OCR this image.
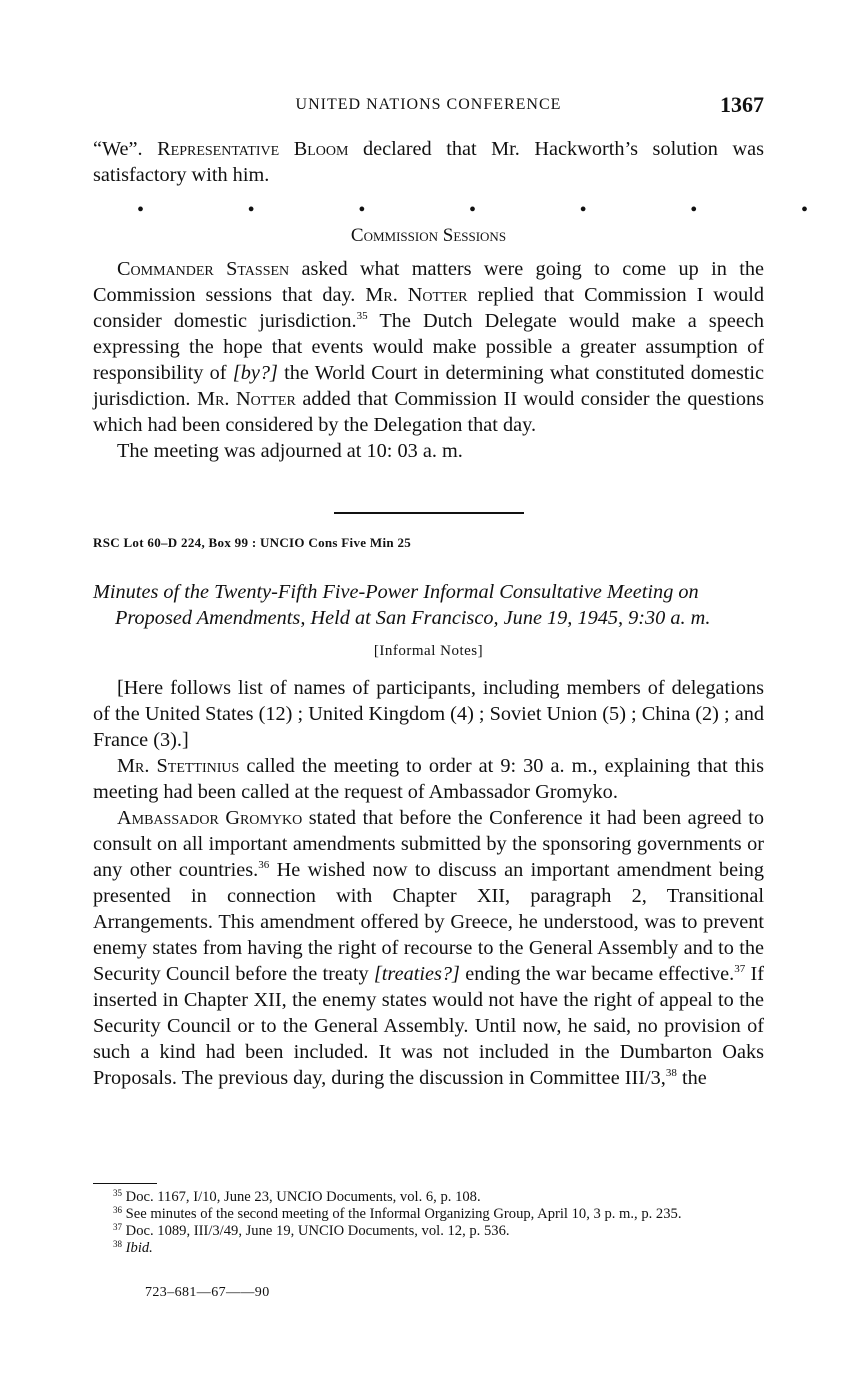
UNITED NATIONS CONFERENCE	1367

“We”. Representative Bloom declared that Mr. Hackworth’s solution was satisfactory with him.

•	•	•	•	•	•	•
Commission Sessions

Commander Stassen asked what matters were going to come up in the Commission sessions that day. Mr. Notter replied that Commission I would consider domestic jurisdiction.$^{35}$ The Dutch Delegate would make a speech expressing the hope that events would make possible a greater assumption of responsibility of [by?] the World Court in determining what constituted domestic jurisdiction. Mr. Notter added that Commission II would consider the questions which had been considered by the Delegation that day.

The meeting was adjourned at 10: 03 a. m.

RSC Lot 60–D 224, Box 99 : UNCIO Cons Five Min 25

Minutes of the Twenty-Fifth Five-Power Informal Consultative Meeting on Proposed Amendments, Held at San Francisco, June 19, 1945, 9:30 a. m.

[Informal Notes]

[Here follows list of names of participants, including members of delegations of the United States (12) ; United Kingdom (4) ; Soviet Union (5) ; China (2) ; and France (3).]

Mr. Stettinius called the meeting to order at 9: 30 a. m., explaining that this meeting had been called at the request of Ambassador Gromyko.

Ambassador Gromyko stated that before the Conference it had been agreed to consult on all important amendments submitted by the sponsoring governments or any other countries.$^{36}$ He wished now to discuss an important amendment being presented in connection with Chapter XII, paragraph 2, Transitional Arrangements. This amendment offered by Greece, he understood, was to prevent enemy states from having the right of recourse to the General Assembly and to the Security Council before the treaty [treaties?] ending the war became effective.$^{37}$ If inserted in Chapter XII, the enemy states would not have the right of appeal to the Security Council or to the General Assembly. Until now, he said, no provision of such a kind had been included. It was not included in the Dumbarton Oaks Proposals. The previous day, during the discussion in Committee III/3,38 the

$^{35}$ Doc. 1167, I/10, June 23, UNCIO Documents, vol. 6, p. 108.

$^{36}$ See minutes of the second meeting of the Informal Organizing Group, April 10, 3 p. m., p. 235.

$^{37}$ Doc. 1089, III/3/49, June 19, UNCIO Documents, vol. 12, p. 536.

$^{38}$ Ibid.

723–681—67——90
